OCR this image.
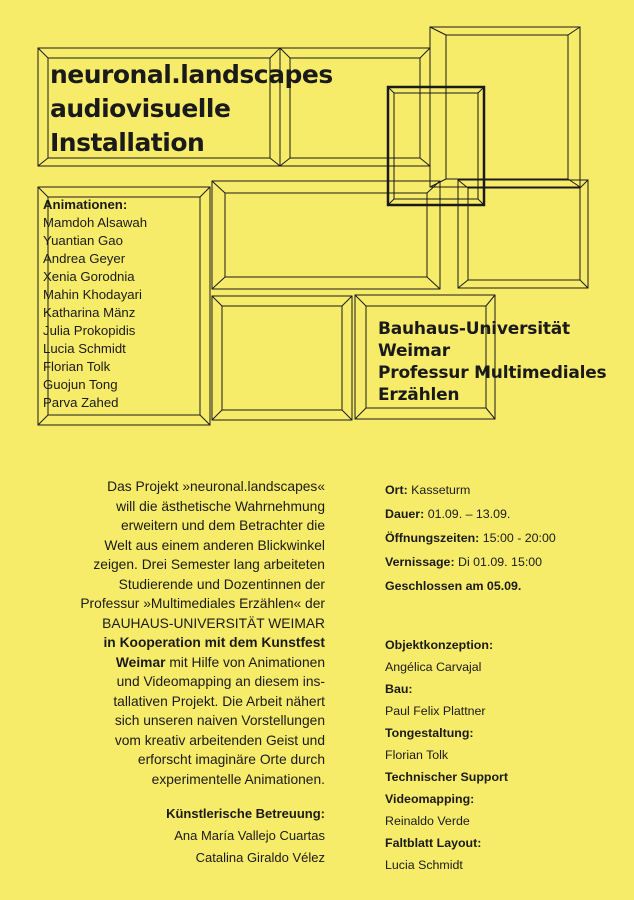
neuronal.landscapes
audiovisuelle
Installation
Animationen:
Mamdoh Alsawah
Yuantian Gao
Andrea Geyer
Xenia Gorodnia
Mahin Khodayari
Katharina Mänz
Julia Prokopidis
Lucia Schmidt
Florian Tolk
Guojun Tong
Parva Zahed
Bauhaus-Universität
Weimar
Professur Multimediales
Erzählen
Das Projekt »neuronal.landscapes«
will die ästhetische Wahrnehmung
erweitern und dem Betrachter die
Welt aus einem anderen Blickwinkel
zeigen. Drei Semester lang arbeiteten
Studierende und Dozentinnen der
Professur »Multimediales Erzählen« der
BAUHAUS-UNIVERSITÄT WEIMAR
in Kooperation mit dem Kunstfest
Weimar mit Hilfe von Animationen
und Videomapping an diesem ins-
tallativen Projekt. Die Arbeit nähert
sich unseren naiven Vorstellungen
vom kreativ arbeitenden Geist und
erforscht imaginäre Orte durch
experimentelle Animationen.
Künstlerische Betreuung:
Ana María Vallejo Cuartas
Catalina Giraldo Vélez
Ort: Kasseturm
Dauer: 01.09. – 13.09.
Öffnungszeiten: 15:00 - 20:00
Vernissage: Di 01.09. 15:00
Geschlossen am 05.09.
Objektkonzeption:
Angélica Carvajal
Bau:
Paul Felix Plattner
Tongestaltung:
Florian Tolk
Technischer Support
Videomapping:
Reinaldo Verde
Faltblatt Layout:
Lucia Schmidt
